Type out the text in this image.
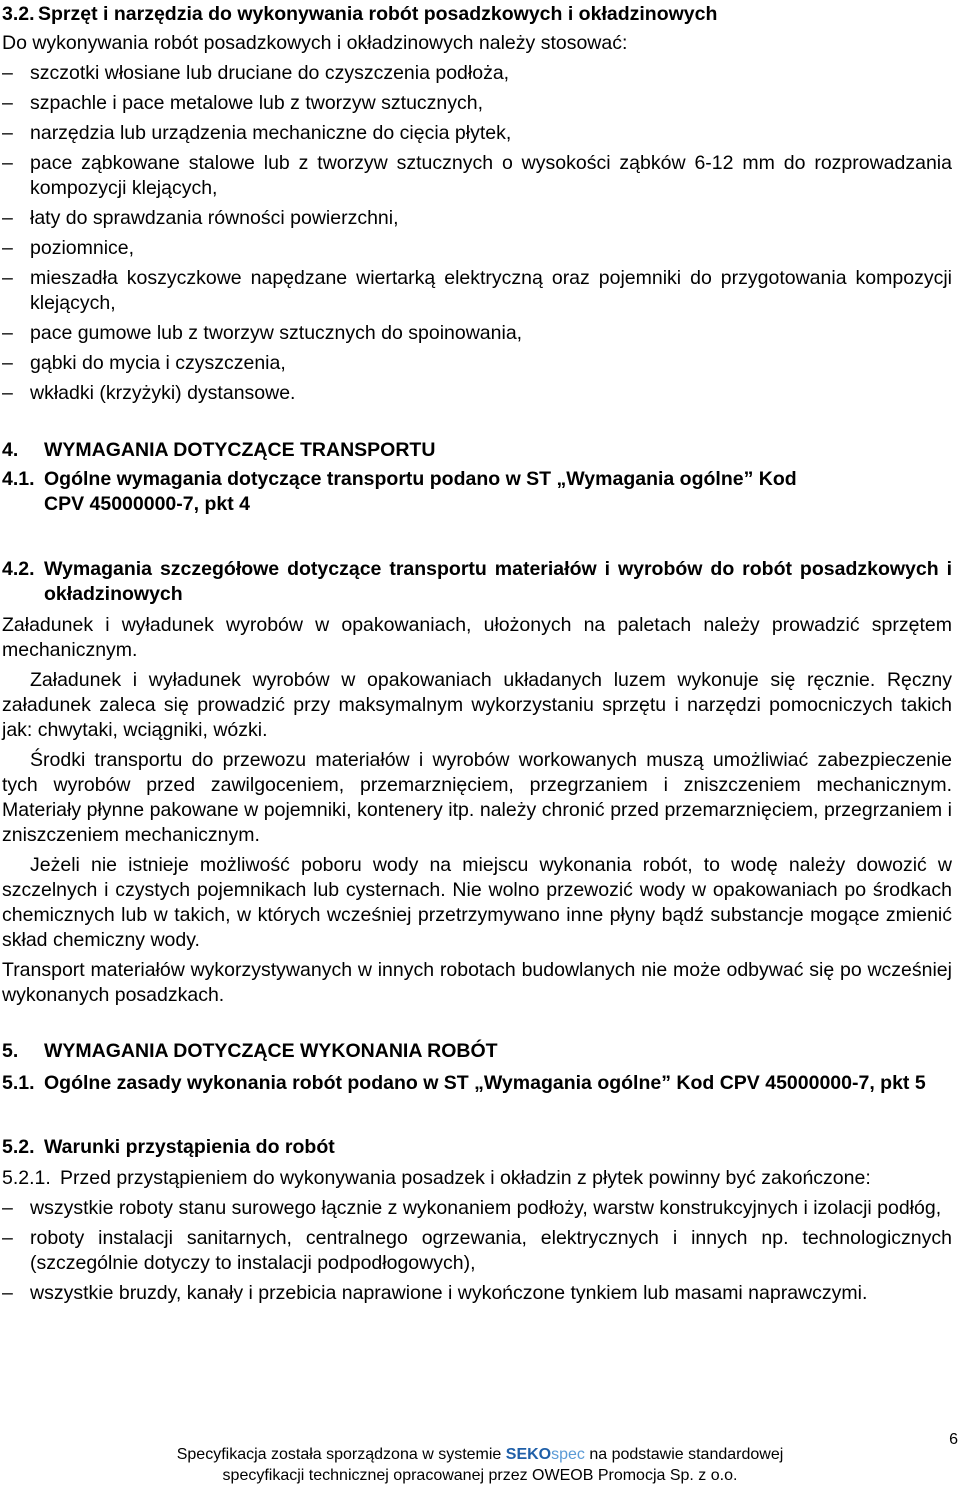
3.2. Sprzęt i narzędzia do wykonywania robót posadzkowych i okładzinowych

Do wykonywania robót posadzkowych i okładzinowych należy stosować:

– szczotki włosiane lub druciane do czyszczenia podłoża,
– szpachle i pace metalowe lub z tworzyw sztucznych,
– narzędzia lub urządzenia mechaniczne do cięcia płytek,
– pace ząbkowane stalowe lub z tworzyw sztucznych o wysokości ząbków 6-12 mm do rozprowadzania kompozycji klejących,
– łaty do sprawdzania równości powierzchni,
– poziomnice,
– mieszadła koszyczkowe napędzane wiertarką elektryczną oraz pojemniki do przygotowania kompozycji klejących,
– pace gumowe lub z tworzyw sztucznych do spoinowania,
– gąbki do mycia i czyszczenia,
– wkładki (krzyżyki) dystansowe.
4. WYMAGANIA DOTYCZĄCE TRANSPORTU
4.1. Ogólne wymagania dotyczące transportu podano w ST „Wymagania ogólne” Kod CPV 45000000-7, pkt 4
4.2. Wymagania szczegółowe dotyczące transportu materiałów i wyrobów do robót posadzkowych i okładzinowych

Załadunek i wyładunek wyrobów w opakowaniach, ułożonych na paletach należy prowadzić sprzętem mechanicznym.

Załadunek i wyładunek wyrobów w opakowaniach układanych luzem wykonuje się ręcznie. Ręczny załadunek zaleca się prowadzić przy maksymalnym wykorzystaniu sprzętu i narzędzi pomocniczych takich jak: chwytaki, wciągniki, wózki.

Środki transportu do przewozu materiałów i wyrobów workowanych muszą umożliwiać zabezpieczenie tych wyrobów przed zawilgoceniem, przemarznięciem, przegrzaniem i zniszczeniem mechanicznym. Materiały płynne pakowane w pojemniki, kontenery itp. należy chronić przed przemarznięciem, przegrzaniem i zniszczeniem mechanicznym.

Jeżeli nie istnieje możliwość poboru wody na miejscu wykonania robót, to wodę należy dowozić w szczelnych i czystych pojemnikach lub cysternach. Nie wolno przewozić wody w opakowaniach po środkach chemicznych lub w takich, w których wcześniej przetrzymywano inne płyny bądź substancje mogące zmienić skład chemiczny wody.

Transport materiałów wykorzystywanych w innych robotach budowlanych nie może odbywać się po wcześniej wykonanych posadzkach.

5. WYMAGANIA DOTYCZĄCE WYKONANIA ROBÓT
5.1. Ogólne zasady wykonania robót podano w ST „Wymagania ogólne” Kod CPV 45000000-7, pkt 5
5.2. Warunki przystąpienia do robót
5.2.1. Przed przystąpieniem do wykonywania posadzek i okładzin z płytek powinny być zakończone:
– wszystkie roboty stanu surowego łącznie z wykonaniem podłoży, warstw konstrukcyjnych i izolacji podłóg,
– roboty instalacji sanitarnych, centralnego ogrzewania, elektrycznych i innych np. technologicznych (szczególnie dotyczy to instalacji podpodłogowych),
– wszystkie bruzdy, kanały i przebicia naprawione i wykończone tynkiem lub masami naprawczymi.
6
Specyfikacja została sporządzona w systemie SEKOspec na podstawie standardowej
specyfikacji technicznej opracowanej przez OWEOB Promocja Sp. z o.o.
